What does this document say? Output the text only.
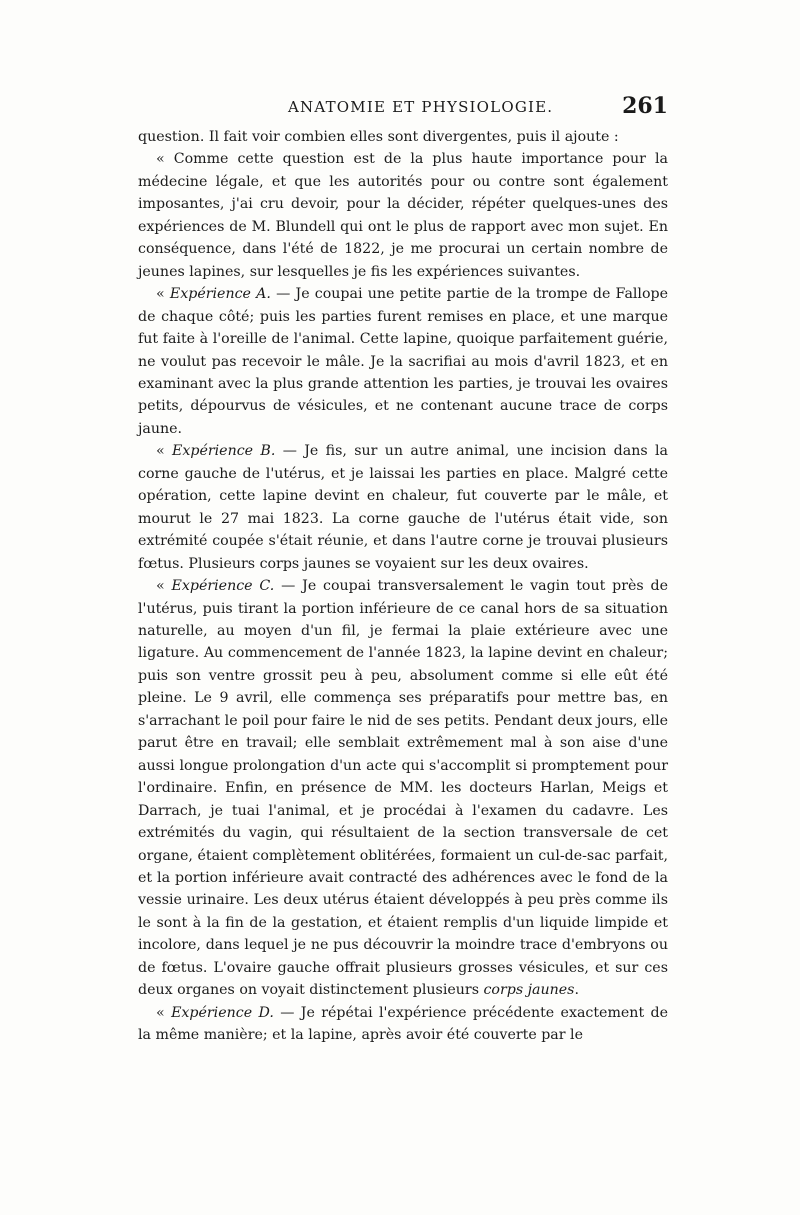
ANATOMIE ET PHYSIOLOGIE.	261

question. Il fait voir combien elles sont divergentes, puis il ajoute :

« Comme cette question est de la plus haute importance pour la médecine légale, et que les autorités pour ou contre sont également imposantes, j'ai cru devoir, pour la décider, répéter quelques-unes des expériences de M. Blundell qui ont le plus de rapport avec mon sujet. En conséquence, dans l'été de 1822, je me procurai un certain nombre de jeunes lapines, sur lesquelles je fis les expériences suivantes.

« Expérience A. — Je coupai une petite partie de la trompe de Fallope de chaque côté; puis les parties furent remises en place, et une marque fut faite à l'oreille de l'animal. Cette lapine, quoique parfaitement guérie, ne voulut pas recevoir le mâle. Je la sacrifiai au mois d'avril 1823, et en examinant avec la plus grande attention les parties, je trouvai les ovaires petits, dépourvus de vésicules, et ne contenant aucune trace de corps jaune.

« Expérience B. — Je fis, sur un autre animal, une incision dans la corne gauche de l'utérus, et je laissai les parties en place. Malgré cette opération, cette lapine devint en chaleur, fut couverte par le mâle, et mourut le 27 mai 1823. La corne gauche de l'utérus était vide, son extrémité coupée s'était réunie, et dans l'autre corne je trouvai plusieurs fœtus. Plusieurs corps jaunes se voyaient sur les deux ovaires.

« Expérience C. — Je coupai transversalement le vagin tout près de l'utérus, puis tirant la portion inférieure de ce canal hors de sa situation naturelle, au moyen d'un fil, je fermai la plaie extérieure avec une ligature. Au commencement de l'année 1823, la lapine devint en chaleur; puis son ventre grossit peu à peu, absolument comme si elle eût été pleine. Le 9 avril, elle commença ses préparatifs pour mettre bas, en s'arrachant le poil pour faire le nid de ses petits. Pendant deux jours, elle parut être en travail; elle semblait extrêmement mal à son aise d'une aussi longue prolongation d'un acte qui s'accomplit si promptement pour l'ordinaire. Enfin, en présence de MM. les docteurs Harlan, Meigs et Darrach, je tuai l'animal, et je procédai à l'examen du cadavre. Les extrémités du vagin, qui résultaient de la section transversale de cet organe, étaient complètement oblitérées, formaient un cul-de-sac parfait, et la portion inférieure avait contracté des adhérences avec le fond de la vessie urinaire. Les deux utérus étaient développés à peu près comme ils le sont à la fin de la gestation, et étaient remplis d'un liquide limpide et incolore, dans lequel je ne pus découvrir la moindre trace d'embryons ou de fœtus. L'ovaire gauche offrait plusieurs grosses vésicules, et sur ces deux organes on voyait distinctement plusieurs corps jaunes.

« Expérience D. — Je répétai l'expérience précédente exactement de la même manière; et la lapine, après avoir été couverte par le
